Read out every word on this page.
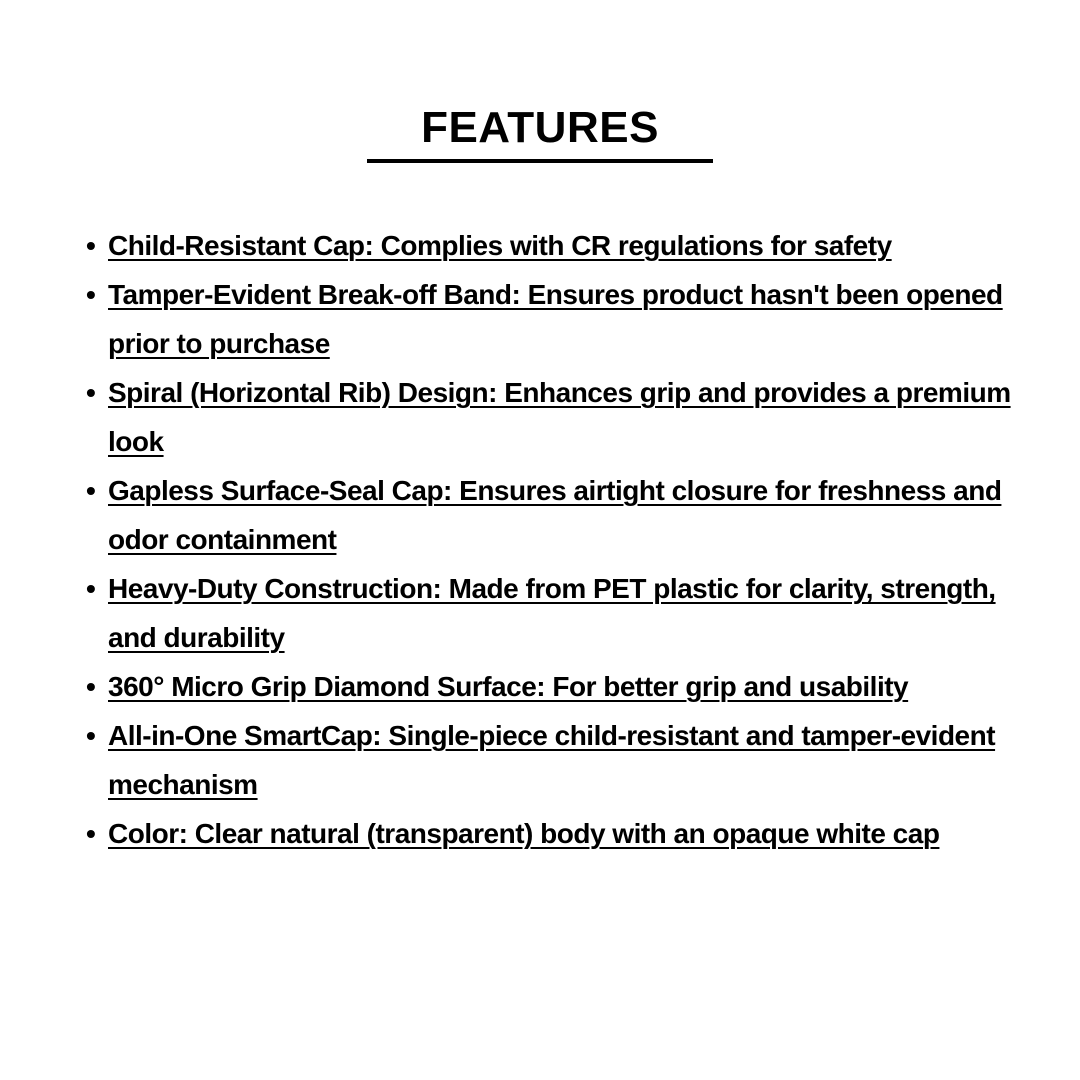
FEATURES
• Child-Resistant Cap: Complies with CR regulations for safety
• Tamper-Evident Break-off Band: Ensures product hasn't been opened prior to purchase
• Spiral (Horizontal Rib) Design: Enhances grip and provides a premium look
• Gapless Surface-Seal Cap: Ensures airtight closure for freshness and odor containment
• Heavy-Duty Construction: Made from PET plastic for clarity, strength, and durability
• 360° Micro Grip Diamond Surface: For better grip and usability
• All-in-One SmartCap: Single-piece child-resistant and tamper-evident mechanism
• Color: Clear natural (transparent) body with an opaque white cap
